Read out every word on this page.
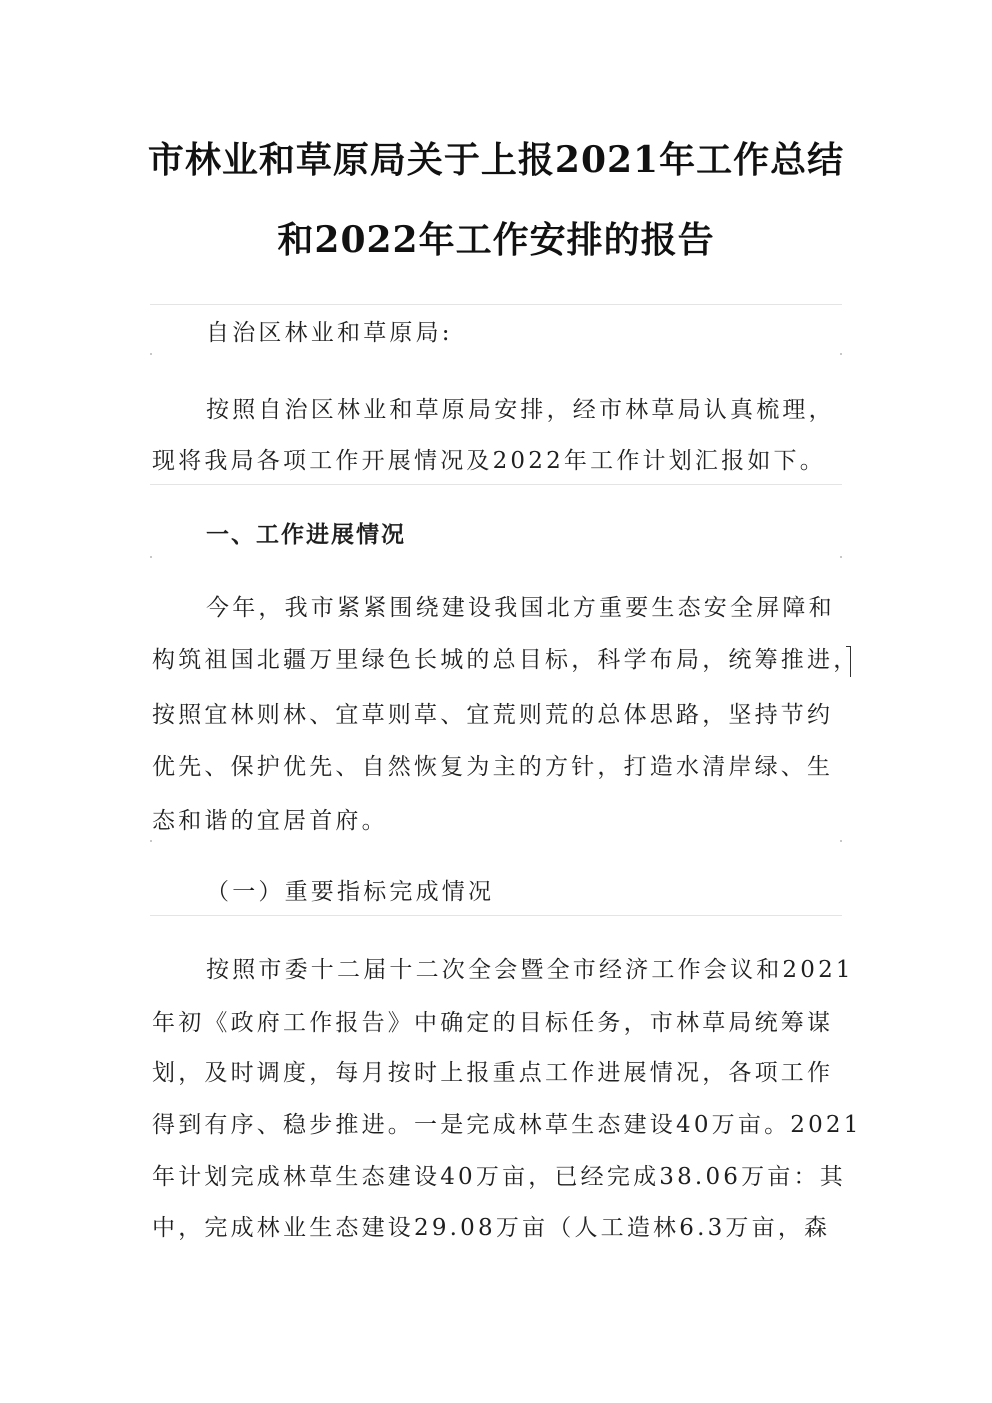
市林业和草原局关于上报2021年工作总结
和2022年工作安排的报告
自治区林业和草原局:
按照自治区林业和草原局安排，经市林草局认真梳理，
现将我局各项工作开展情况及2022年工作计划汇报如下。
一、工作进展情况
今年，我市紧紧围绕建设我国北方重要生态安全屏障和
构筑祖国北疆万里绿色长城的总目标，科学布局，统筹推进，
按照宜林则林、宜草则草、宜荒则荒的总体思路，坚持节约
优先、保护优先、自然恢复为主的方针，打造水清岸绿、生
态和谐的宜居首府。
（一）重要指标完成情况
按照市委十二届十二次全会暨全市经济工作会议和2021
年初《政府工作报告》中确定的目标任务，市林草局统筹谋
划，及时调度，每月按时上报重点工作进展情况，各项工作
得到有序、稳步推进。一是完成林草生态建设40万亩。2021
年计划完成林草生态建设40万亩，已经完成38.06万亩：其
中，完成林业生态建设29.08万亩（人工造林6.3万亩，森
